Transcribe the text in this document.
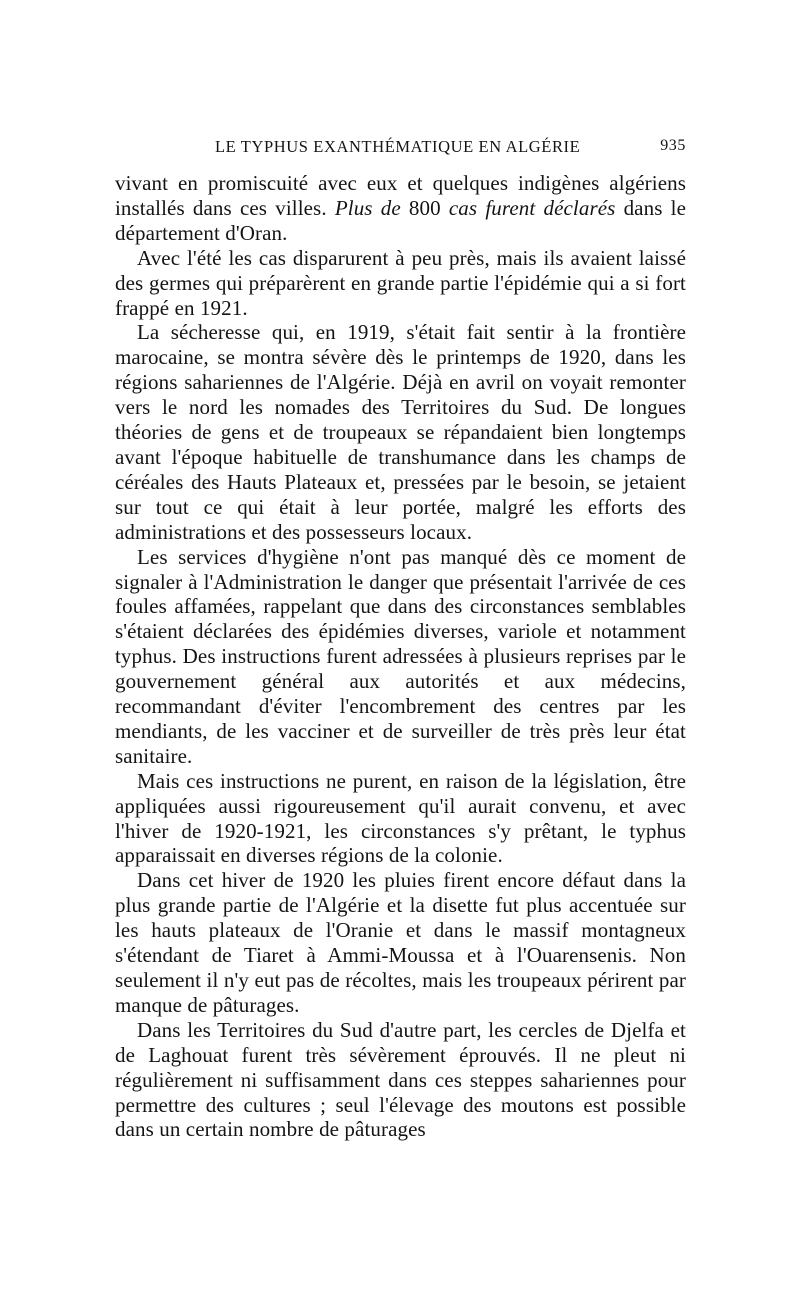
LE TYPHUS EXANTHÉMATIQUE EN ALGÉRIE	935

vivant en promiscuité avec eux et quelques indigènes algériens installés dans ces villes. Plus de 800 cas furent déclarés dans le département d'Oran.

Avec l'été les cas disparurent à peu près, mais ils avaient laissé des germes qui préparèrent en grande partie l'épidémie qui a si fort frappé en 1921.

La sécheresse qui, en 1919, s'était fait sentir à la frontière marocaine, se montra sévère dès le printemps de 1920, dans les régions sahariennes de l'Algérie. Déjà en avril on voyait remonter vers le nord les nomades des Territoires du Sud. De longues théories de gens et de troupeaux se répandaient bien longtemps avant l'époque habituelle de transhumance dans les champs de céréales des Hauts Plateaux et, pressées par le besoin, se jetaient sur tout ce qui était à leur portée, malgré les efforts des administrations et des possesseurs locaux.

Les services d'hygiène n'ont pas manqué dès ce moment de signaler à l'Administration le danger que présentait l'arrivée de ces foules affamées, rappelant que dans des circonstances semblables s'étaient déclarées des épidémies diverses, variole et notamment typhus. Des instructions furent adressées à plusieurs reprises par le gouvernement général aux autorités et aux médecins, recommandant d'éviter l'encombrement des centres par les mendiants, de les vacciner et de surveiller de très près leur état sanitaire.

Mais ces instructions ne purent, en raison de la législation, être appliquées aussi rigoureusement qu'il aurait convenu, et avec l'hiver de 1920-1921, les circonstances s'y prêtant, le typhus apparaissait en diverses régions de la colonie.

Dans cet hiver de 1920 les pluies firent encore défaut dans la plus grande partie de l'Algérie et la disette fut plus accentuée sur les hauts plateaux de l'Oranie et dans le massif montagneux s'étendant de Tiaret à Ammi-Moussa et à l'Ouarensenis. Non seulement il n'y eut pas de récoltes, mais les troupeaux périrent par manque de pâturages.

Dans les Territoires du Sud d'autre part, les cercles de Djelfa et de Laghouat furent très sévèrement éprouvés. Il ne pleut ni régulièrement ni suffisamment dans ces steppes sahariennes pour permettre des cultures ; seul l'élevage des moutons est possible dans un certain nombre de pâturages
